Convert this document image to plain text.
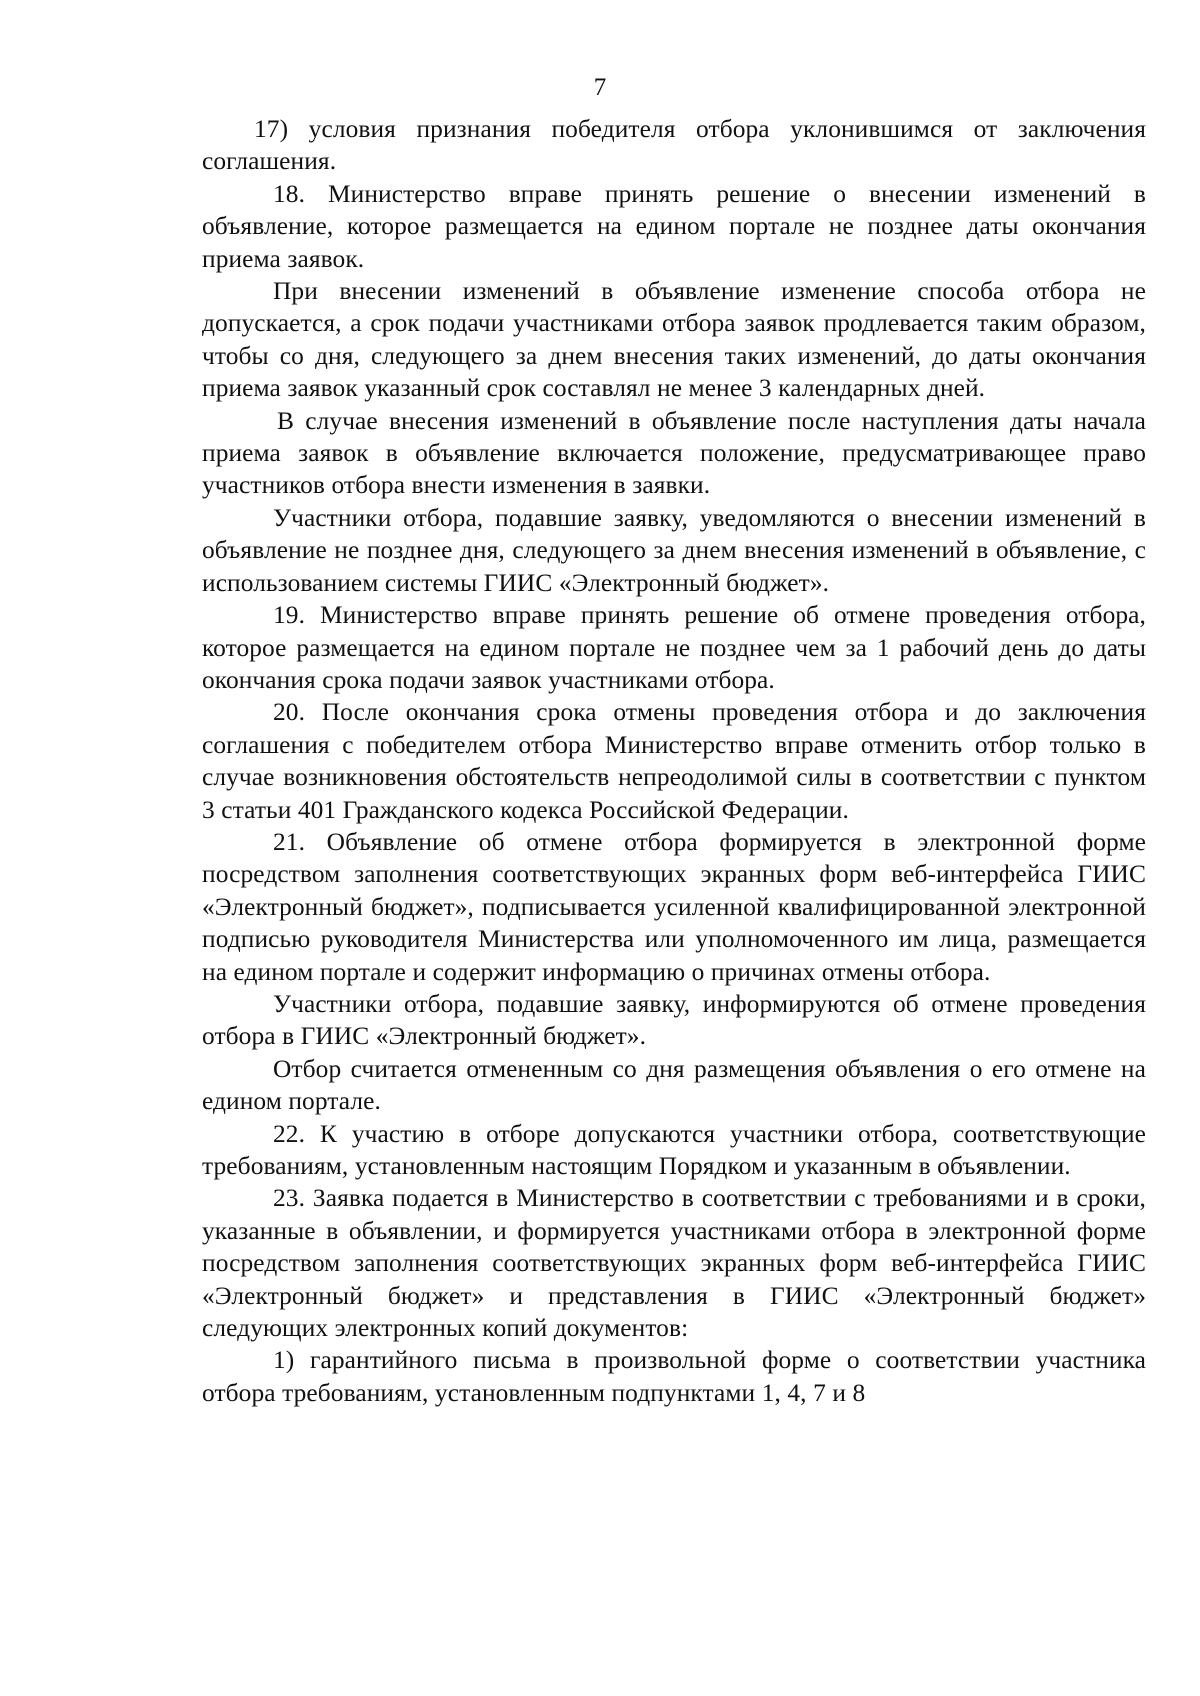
7

17) условия признания победителя отбора уклонившимся от заключения соглашения.

18. Министерство вправе принять решение о внесении изменений в объявление, которое размещается на едином портале не позднее даты окончания приема заявок.

При внесении изменений в объявление изменение способа отбора не допускается, а срок подачи участниками отбора заявок продлевается таким образом, чтобы со дня, следующего за днем внесения таких изменений, до даты окончания приема заявок указанный срок составлял не менее 3 календарных дней.

В случае внесения изменений в объявление после наступления даты начала приема заявок в объявление включается положение, предусматривающее право участников отбора внести изменения в заявки.

Участники отбора, подавшие заявку, уведомляются о внесении изменений в объявление не позднее дня, следующего за днем внесения изменений в объявление, с использованием системы ГИИС «Электронный бюджет».

19. Министерство вправе принять решение об отмене проведения отбора, которое размещается на едином портале не позднее чем за 1 рабочий день до даты окончания срока подачи заявок участниками отбора.

20. После окончания срока отмены проведения отбора и до заключения соглашения с победителем отбора Министерство вправе отменить отбор только в случае возникновения обстоятельств непреодолимой силы в соответствии с пунктом 3 статьи 401 Гражданского кодекса Российской Федерации.

21. Объявление об отмене отбора формируется в электронной форме посредством заполнения соответствующих экранных форм веб-интерфейса ГИИС «Электронный бюджет», подписывается усиленной квалифицированной электронной подписью руководителя Министерства или уполномоченного им лица, размещается на едином портале и содержит информацию о причинах отмены отбора.

Участники отбора, подавшие заявку, информируются об отмене проведения отбора в ГИИС «Электронный бюджет».

Отбор считается отмененным со дня размещения объявления о его отмене на едином портале.

22. К участию в отборе допускаются участники отбора, соответствующие требованиям, установленным настоящим Порядком и указанным в объявлении.

23. Заявка подается в Министерство в соответствии с требованиями и в сроки, указанные в объявлении, и формируется участниками отбора в электронной форме посредством заполнения соответствующих экранных форм веб-интерфейса ГИИС «Электронный бюджет» и представления в ГИИС «Электронный бюджет» следующих электронных копий документов:

1) гарантийного письма в произвольной форме о соответствии участника отбора требованиям, установленным подпунктами 1, 4, 7 и 8
